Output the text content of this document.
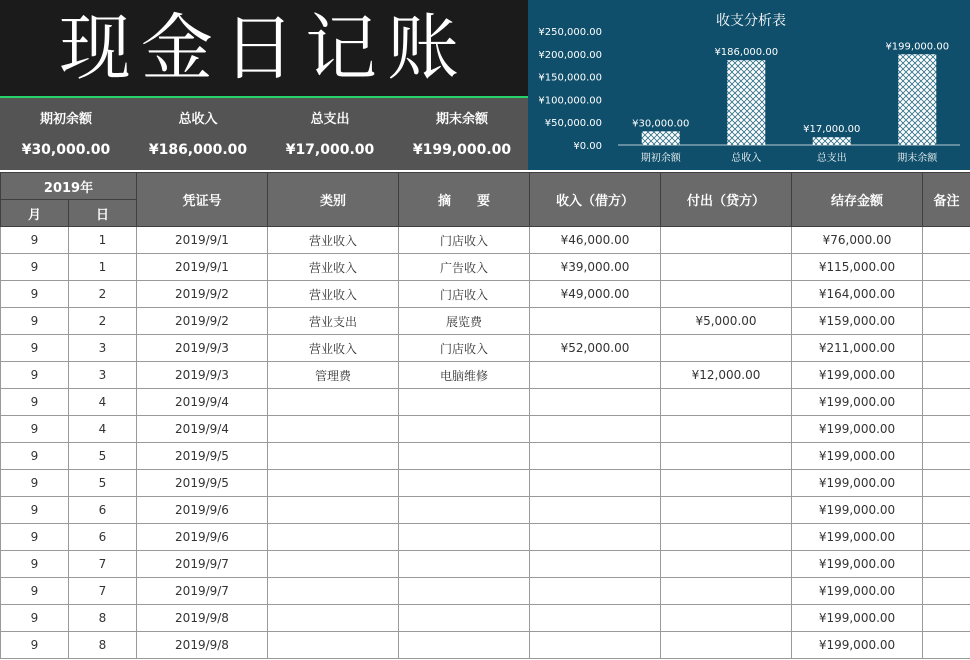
现金日记账
期初余额
¥30,000.00
总收入
¥186,000.00
总支出
¥17,000.00
期末余额
¥199,000.00
收支分析表
¥0.00
¥50,000.00
¥100,000.00
¥150,000.00
¥200,000.00
¥250,000.00
¥30,000.00
期初余额
¥186,000.00
总收入
¥17,000.00
总支出
¥199,000.00
期末余额
2019年		凭证号	类别	摘　　要	收入（借方）	付出（贷方）	结存金额	备注
月	日							
9	1	2019/9/1	营业收入	门店收入	¥46,000.00		¥76,000.00	
9	1	2019/9/1	营业收入	广告收入	¥39,000.00		¥115,000.00	
9	2	2019/9/2	营业收入	门店收入	¥49,000.00		¥164,000.00	
9	2	2019/9/2	营业支出	展览费		¥5,000.00	¥159,000.00	
9	3	2019/9/3	营业收入	门店收入	¥52,000.00		¥211,000.00	
9	3	2019/9/3	管理费	电脑维修		¥12,000.00	¥199,000.00	
9	4	2019/9/4					¥199,000.00	
9	4	2019/9/4					¥199,000.00	
9	5	2019/9/5					¥199,000.00	
9	5	2019/9/5					¥199,000.00	
9	6	2019/9/6					¥199,000.00	
9	6	2019/9/6					¥199,000.00	
9	7	2019/9/7					¥199,000.00	
9	7	2019/9/7					¥199,000.00	
9	8	2019/9/8					¥199,000.00	
9	8	2019/9/8					¥199,000.00	
